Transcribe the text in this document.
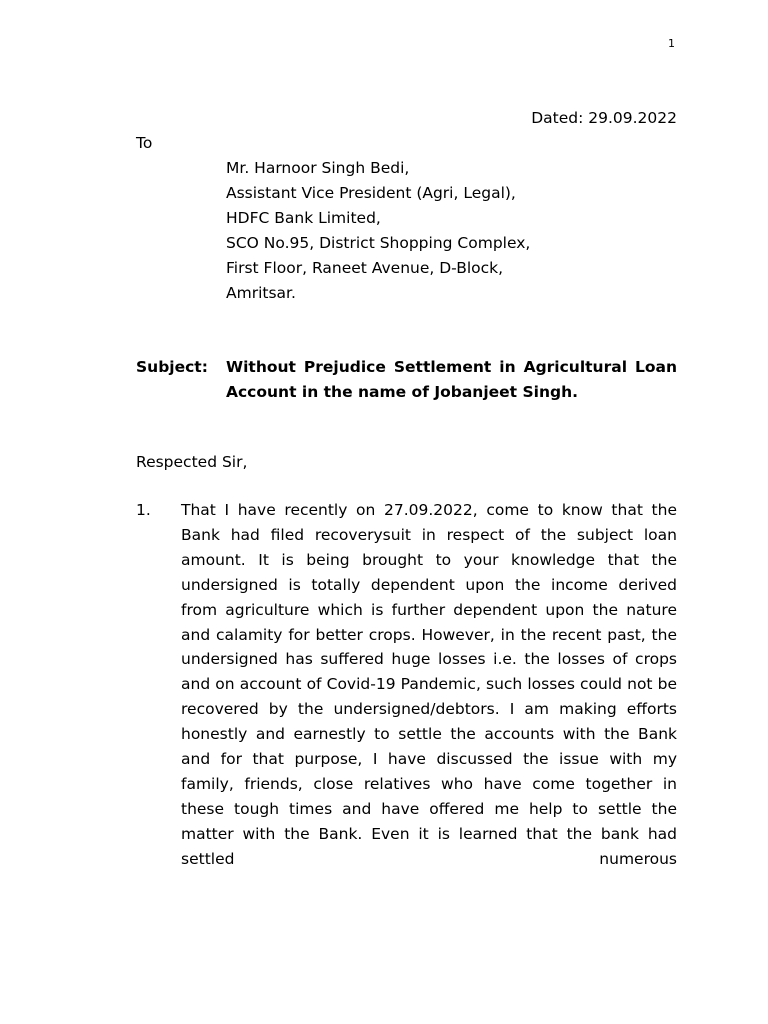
1
Dated: 29.09.2022
To
Mr. Harnoor Singh Bedi,
Assistant Vice President (Agri, Legal),
HDFC Bank Limited,
SCO No.95, District Shopping Complex,
First Floor, Raneet Avenue, D-Block,
Amritsar.
Subject: Without Prejudice Settlement in Agricultural Loan Account in the name of Jobanjeet Singh.
Respected Sir,
1. That I have recently on 27.09.2022, come to know that the Bank had filed recoverysuit in respect of the subject loan amount. It is being brought to your knowledge that the undersigned is totally dependent upon the income derived from agriculture which is further dependent upon the nature and calamity for better crops. However, in the recent past, the undersigned has suffered huge losses i.e. the losses of crops and on account of Covid-19 Pandemic, such losses could not be recovered by the undersigned/debtors. I am making efforts honestly and earnestly to settle the accounts with the Bank and for that purpose, I have discussed the issue with my family, friends, close relatives who have come together in these tough times and have offered me help to settle the matter with the Bank. Even it is learned that the bank had settled numerous
